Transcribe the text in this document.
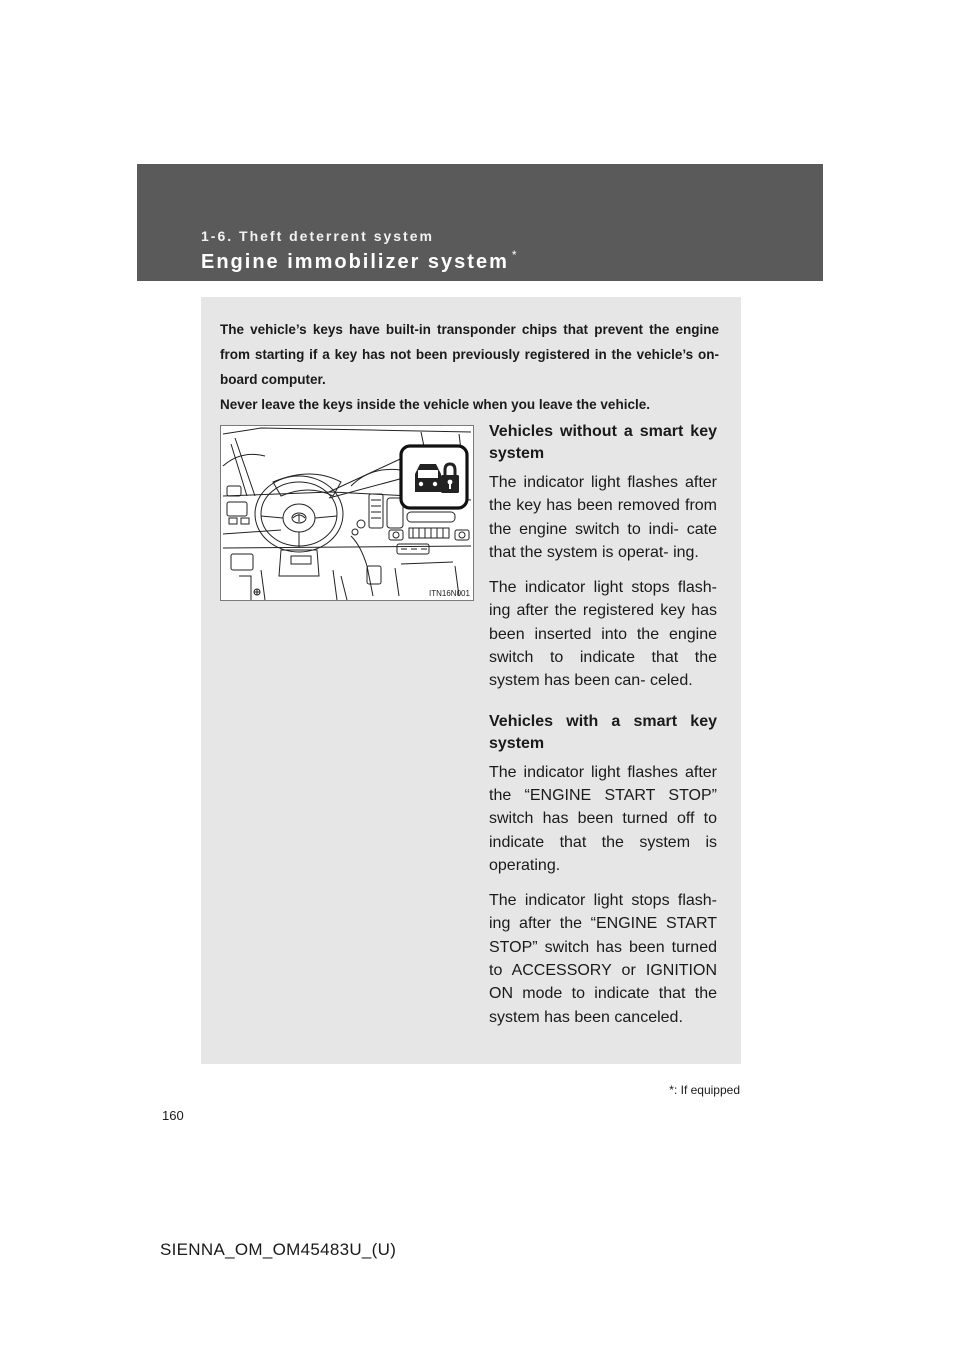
1-6. Theft deterrent system
Engine immobilizer system *

The vehicle’s keys have built-in transponder chips that prevent the engine from starting if a key has not been previously registered in the vehicle’s on-board computer.

Never leave the keys inside the vehicle when you leave the vehicle.

ITN16N001

Vehicles without a smart key system

The indicator light flashes after the key has been removed from the engine switch to indi- cate that the system is operat- ing.

The indicator light stops flash- ing after the registered key has been inserted into the engine switch to indicate that the system has been can- celed.

Vehicles with a smart key system

The indicator light flashes after the “ENGINE START STOP” switch has been turned off to indicate that the system is operating.

The indicator light stops flash- ing after the “ENGINE START STOP” switch has been turned to ACCESSORY or IGNITION ON mode to indicate that the system has been canceled.

*: If equipped
160
SIENNA_OM_OM45483U_(U)
